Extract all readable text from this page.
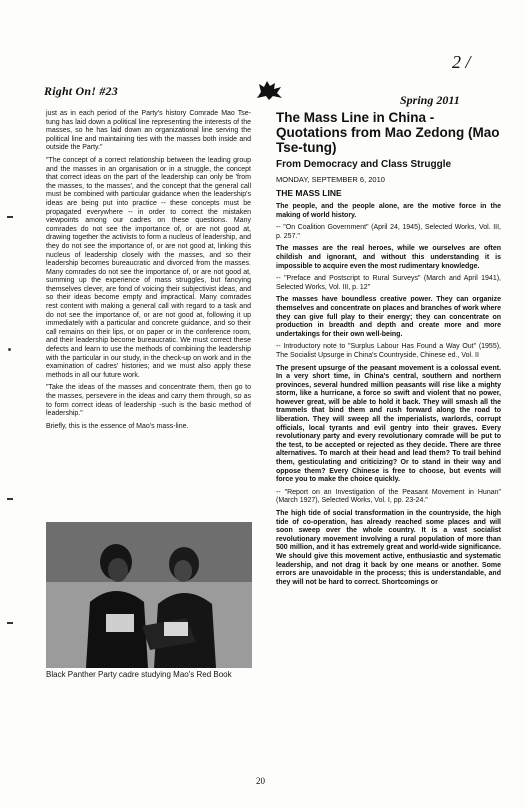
Right On! #23
2 /
Spring 2011

just as in each period of the Party's history Comrade Mao Tse-tung has laid down a political line representing the interests of the masses, so he has laid down an organizational line serving the political line and maintaining ties with the masses both inside and outside the Party."

"The concept of a correct relationship between the leading group and the masses in an organisation or in a struggle, the concept that correct ideas on the part of the leadership can only be 'from the masses, to the masses', and the concept that the general call must be combined with particular guidance when the leadership's ideas are being put into practice -- these concepts must be propagated everywhere -- in order to correct the mistaken viewpoints among our cadres on these questions. Many comrades do not see the importance of, or are not good at, drawing together the activists to form a nucleus of leadership, and they do not see the importance of, or are not good at, linking this nucleus of leadership closely with the masses, and so their leadership becomes bureaucratic and divorced from the masses. Many comrades do not see the importance of, or are not good at, summing up the experience of mass struggles, but fancying themselves clever, are fond of voicing their subjectivist ideas, and so their ideas become empty and impractical. Many comrades rest content with making a general call with regard to a task and do not see the importance of, or are not good at, following it up immediately with a particular and concrete guidance, and so their call remains on their lips, or on paper or in the conference room, and their leadership become bureaucratic. We must correct these defects and learn to use the methods of combining the leadership with the particular in our study, in the check-up on work and in the examination of cadres' histories; and we must also apply these methods in all our future work.

"Take the ideas of the masses and concentrate them, then go to the masses, persevere in the ideas and carry them through, so as to form correct ideas of leadership -such is the basic method of leadership."

Briefly, this is the essence of Mao's mass-line.

Black Panther Party cadre studying Mao's Red Book

The Mass Line in China - Quotations from Mao Zedong (Mao Tse-tung)

From Democracy and Class Struggle

MONDAY, SEPTEMBER 6, 2010

THE MASS LINE

The people, and the people alone, are the motive force in the making of world history.

-- "On Coalition Government" (April 24, 1945), Selected Works, Vol. III, p. 257."

The masses are the real heroes, while we ourselves are often childish and ignorant, and without this understanding it is impossible to acquire even the most rudimentary knowledge.

-- "Preface and Postscript to Rural Surveys" (March and April 1941), Selected Works, Vol. III, p. 12"

The masses have boundless creative power. They can organize themselves and concentrate on places and branches of work where they can give full play to their energy; they can concentrate on production in breadth and depth and create more and more undertakings for their own well-being.

-- Introductory note to "Surplus Labour Has Found a Way Out" (1955), The Socialist Upsurge in China's Countryside, Chinese ed., Vol. II

The present upsurge of the peasant movement is a colossal event. In a very short time, in China's central, southern and northern provinces, several hundred million peasants will rise like a mighty storm, like a hurricane, a force so swift and violent that no power, however great, will be able to hold it back. They will smash all the trammels that bind them and rush forward along the road to liberation. They will sweep all the imperialists, warlords, corrupt officials, local tyrants and evil gentry into their graves. Every revolutionary party and every revolutionary comrade will be put to the test, to be accepted or rejected as they decide. There are three alternatives. To march at their head and lead them? To trail behind them, gesticulating and criticizing? Or to stand in their way and oppose them? Every Chinese is free to choose, but events will force you to make the choice quickly.

-- "Report on an Investigation of the Peasant Movement in Hunan" (March 1927), Selected Works, Vol. I, pp. 23-24."

The high tide of social transformation in the countryside, the high tide of co-operation, has already reached some places and will soon sweep over the whole country. It is a vast socialist revolutionary movement involving a rural population of more than 500 million, and it has extremely great and world-wide significance. We should give this movement active, enthusiastic and systematic leadership, and not drag it back by one means or another. Some errors are unavoidable in the process; this is understandable, and they will not be hard to correct. Shortcomings or

20
